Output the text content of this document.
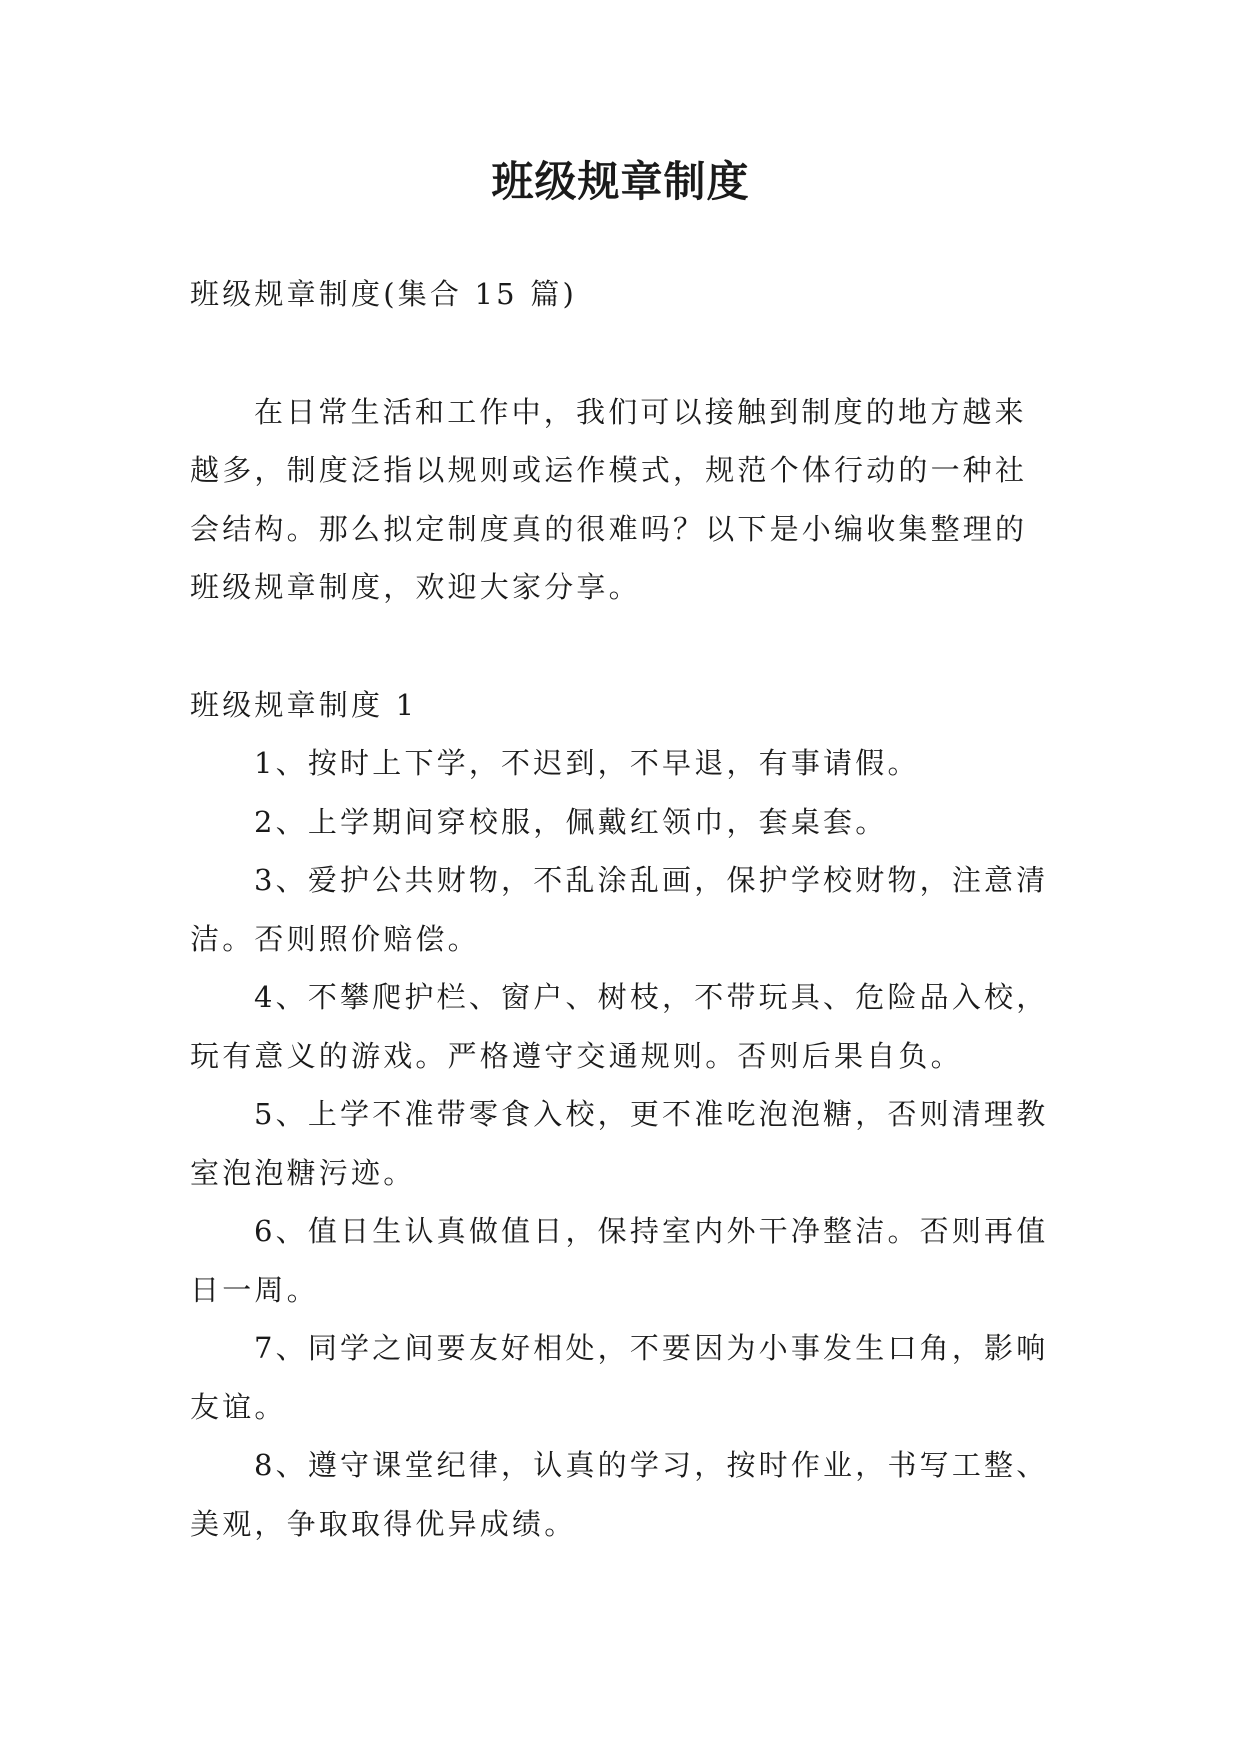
班级规章制度

班级规章制度(集合 15 篇)

在日常生活和工作中，我们可以接触到制度的地方越来越多，制度泛指以规则或运作模式，规范个体行动的一种社会结构。那么拟定制度真的很难吗？以下是小编收集整理的班级规章制度，欢迎大家分享。

班级规章制度 1

1、按时上下学，不迟到，不早退，有事请假。

2、上学期间穿校服，佩戴红领巾，套桌套。

3、爱护公共财物，不乱涂乱画，保护学校财物，注意清洁。否则照价赔偿。

4、不攀爬护栏、窗户、树枝，不带玩具、危险品入校，玩有意义的游戏。严格遵守交通规则。否则后果自负。

5、上学不准带零食入校，更不准吃泡泡糖，否则清理教室泡泡糖污迹。

6、值日生认真做值日，保持室内外干净整洁。否则再值日一周。

7、同学之间要友好相处，不要因为小事发生口角，影响友谊。

8、遵守课堂纪律，认真的学习，按时作业，书写工整、美观，争取取得优异成绩。
